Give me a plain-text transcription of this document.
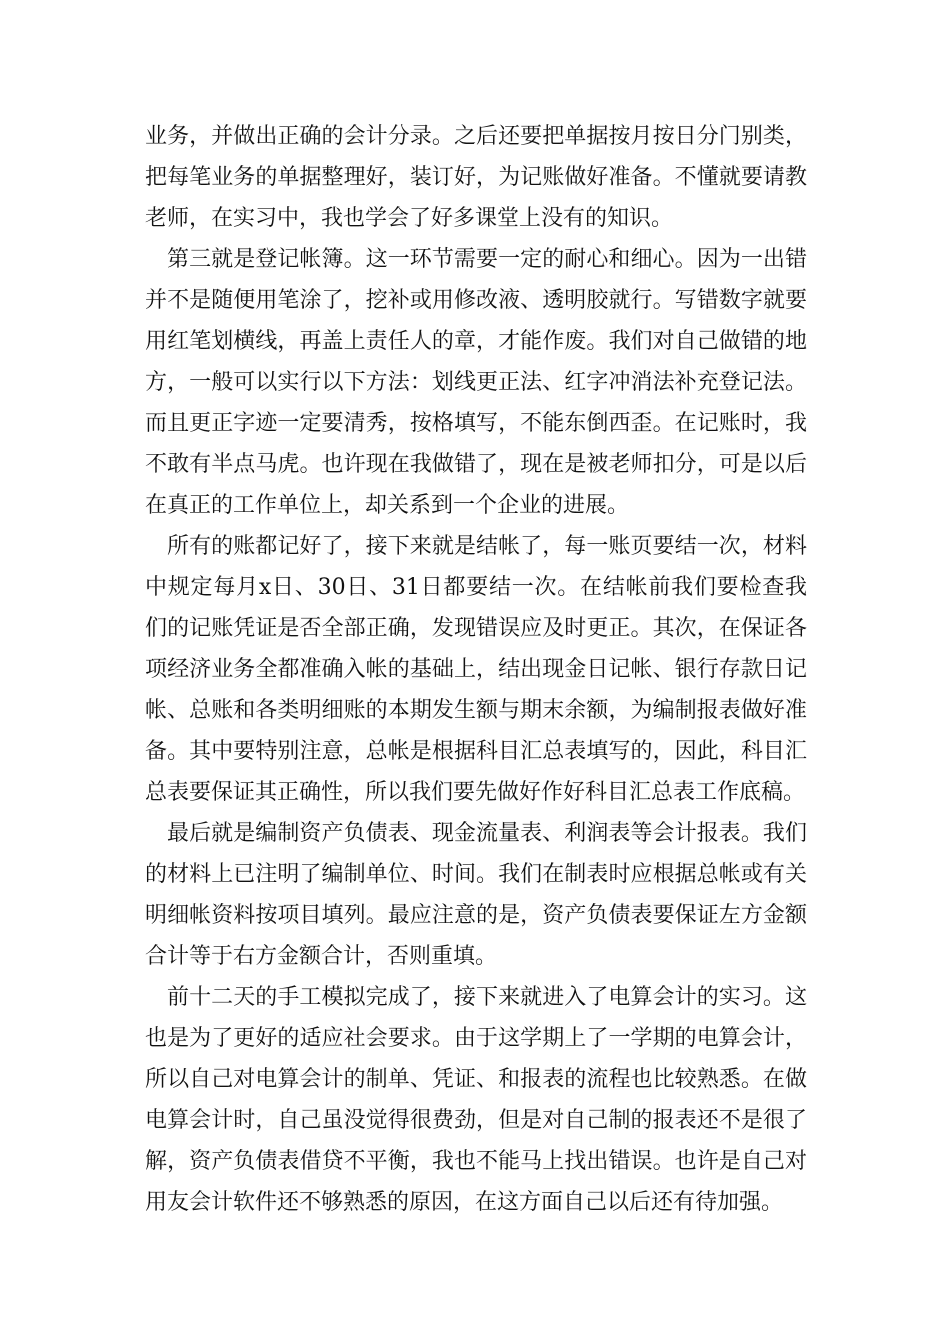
业务，并做出正确的会计分录。之后还要把单据按月按日分门别类，把每笔业务的单据整理好，装订好，为记账做好准备。不懂就要请教老师，在实习中，我也学会了好多课堂上没有的知识。

第三就是登记帐簿。这一环节需要一定的耐心和细心。因为一出错并不是随便用笔涂了，挖补或用修改液、透明胶就行。写错数字就要用红笔划横线，再盖上责任人的章，才能作废。我们对自己做错的地方，一般可以实行以下方法：划线更正法、红字冲消法补充登记法。而且更正字迹一定要清秀，按格填写，不能东倒西歪。在记账时，我不敢有半点马虎。也许现在我做错了，现在是被老师扣分，可是以后在真正的工作单位上，却关系到一个企业的进展。

所有的账都记好了，接下来就是结帐了，每一账页要结一次，材料中规定每月x日、30日、31日都要结一次。在结帐前我们要检查我们的记账凭证是否全部正确，发现错误应及时更正。其次，在保证各项经济业务全都准确入帐的基础上，结出现金日记帐、银行存款日记帐、总账和各类明细账的本期发生额与期末余额，为编制报表做好准备。其中要特别注意，总帐是根据科目汇总表填写的，因此，科目汇总表要保证其正确性，所以我们要先做好作好科目汇总表工作底稿。

最后就是编制资产负债表、现金流量表、利润表等会计报表。我们的材料上已注明了编制单位、时间。我们在制表时应根据总帐或有关明细帐资料按项目填列。最应注意的是，资产负债表要保证左方金额合计等于右方金额合计，否则重填。

前十二天的手工模拟完成了，接下来就进入了电算会计的实习。这也是为了更好的适应社会要求。由于这学期上了一学期的电算会计，所以自己对电算会计的制单、凭证、和报表的流程也比较熟悉。在做电算会计时，自己虽没觉得很费劲，但是对自己制的报表还不是很了解，资产负债表借贷不平衡，我也不能马上找出错误。也许是自己对用友会计软件还不够熟悉的原因，在这方面自己以后还有待加强。
